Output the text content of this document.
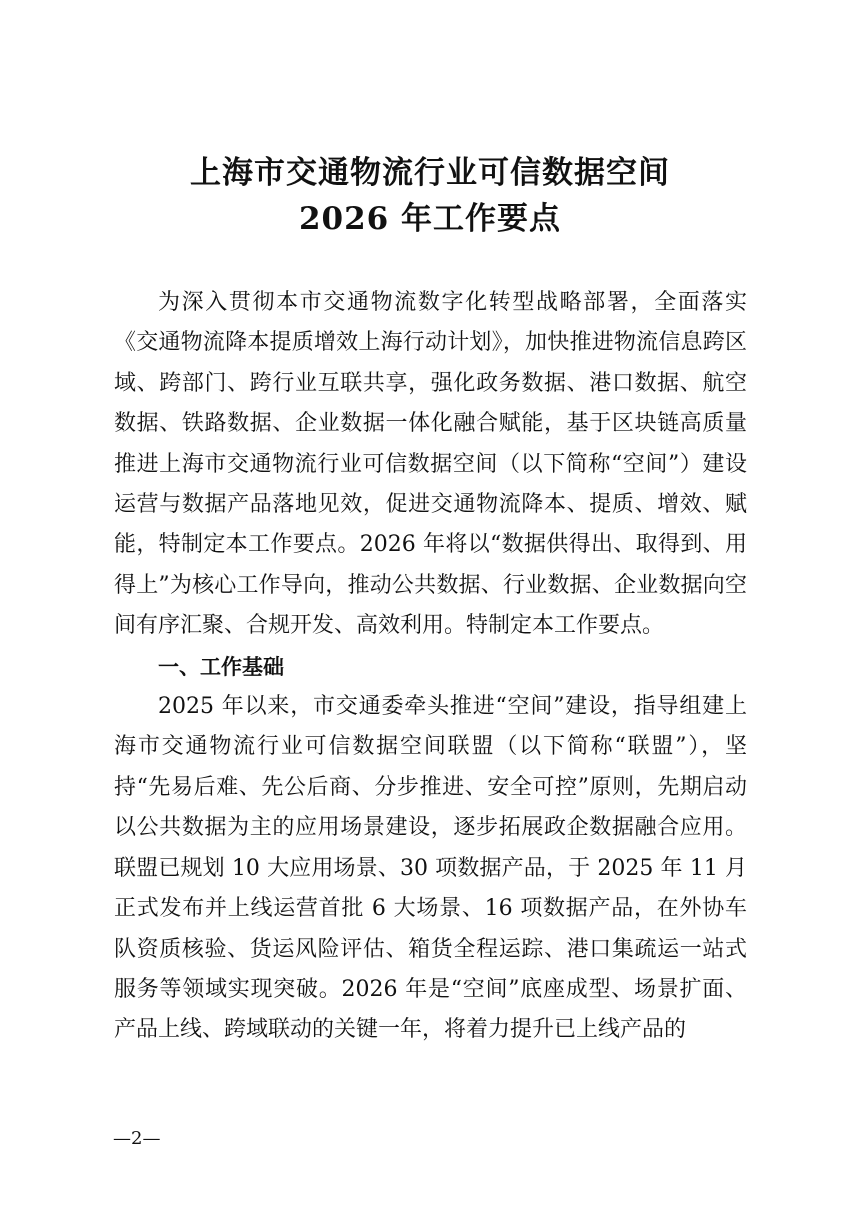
上海市交通物流行业可信数据空间
2026 年工作要点

为深入贯彻本市交通物流数字化转型战略部署，全面落实《交通物流降本提质增效上海行动计划》，加快推进物流信息跨区域、跨部门、跨行业互联共享，强化政务数据、港口数据、航空数据、铁路数据、企业数据一体化融合赋能，基于区块链高质量推进上海市交通物流行业可信数据空间（以下简称“空间”）建设运营与数据产品落地见效，促进交通物流降本、提质、增效、赋能，特制定本工作要点。2026 年将以“数据供得出、取得到、用得上”为核心工作导向，推动公共数据、行业数据、企业数据向空间有序汇聚、合规开发、高效利用。特制定本工作要点。

一、工作基础

2025 年以来，市交通委牵头推进“空间”建设，指导组建上海市交通物流行业可信数据空间联盟（以下简称“联盟”），坚持“先易后难、先公后商、分步推进、安全可控”原则，先期启动以公共数据为主的应用场景建设，逐步拓展政企数据融合应用。联盟已规划 10 大应用场景、30 项数据产品，于 2025 年 11 月正式发布并上线运营首批 6 大场景、16 项数据产品，在外协车队资质核验、货运风险评估、箱货全程运踪、港口集疏运一站式服务等领域实现突破。2026 年是“空间”底座成型、场景扩面、产品上线、跨域联动的关键一年，将着力提升已上线产品的

—2—
